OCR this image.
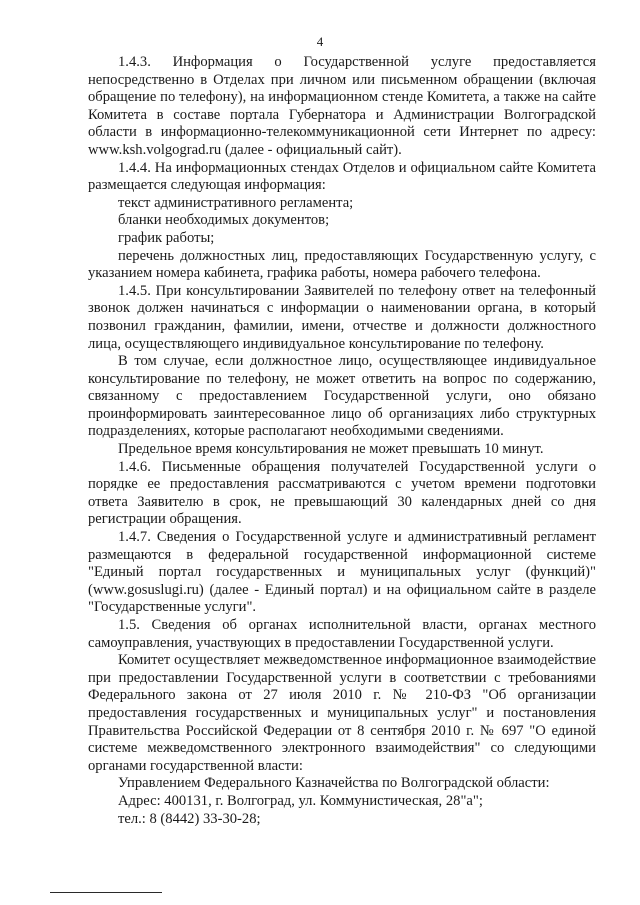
4

1.4.3. Информация о Государственной услуге предоставляется непосредственно в Отделах при личном или письменном обращении (включая обращение по телефону), на информационном стенде Комитета, а также на сайте Комитета в составе портала Губернатора и Администрации Волгоградской области в информационно-телекоммуникационной сети Интернет по адресу: www.ksh.volgograd.ru (далее - официальный сайт).

1.4.4. На информационных стендах Отделов и официальном сайте Комитета размещается следующая информация:

текст административного регламента;

бланки необходимых документов;

график работы;

перечень должностных лиц, предоставляющих Государственную услугу, с указанием номера кабинета, графика работы, номера рабочего телефона.

1.4.5. При консультировании Заявителей по телефону ответ на телефонный звонок должен начинаться с информации о наименовании органа, в который позвонил гражданин, фамилии, имени, отчестве и должности должностного лица, осуществляющего индивидуальное консультирование по телефону.

В том случае, если должностное лицо, осуществляющее индивидуальное консультирование по телефону, не может ответить на вопрос по содержанию, связанному с предоставлением Государственной услуги, оно обязано проинформировать заинтересованное лицо об организациях либо структурных подразделениях, которые располагают необходимыми сведениями.

Предельное время консультирования не может превышать 10 минут.

1.4.6. Письменные обращения получателей Государственной услуги о порядке ее предоставления рассматриваются с учетом времени подготовки ответа Заявителю в срок, не превышающий 30 календарных дней со дня регистрации обращения.

1.4.7. Сведения о Государственной услуге и административный регламент размещаются в федеральной государственной информационной системе "Единый портал государственных и муниципальных услуг (функций)" (www.gosuslugi.ru) (далее - Единый портал) и на официальном сайте в разделе "Государственные услуги".

1.5. Сведения об органах исполнительной власти, органах местного самоуправления, участвующих в предоставлении Государственной услуги.

Комитет осуществляет межведомственное информационное взаимодействие при предоставлении Государственной услуги в соответствии с требованиями Федерального закона от 27 июля 2010 г. № 210-ФЗ "Об организации предоставления государственных и муниципальных услуг" и постановления Правительства Российской Федерации от 8 сентября 2010 г. № 697 "О единой системе межведомственного электронного взаимодействия" со следующими органами государственной власти:

Управлением Федерального Казначейства по Волгоградской области:

Адрес: 400131, г. Волгоград, ул. Коммунистическая, 28"а";

тел.: 8 (8442) 33-30-28;
